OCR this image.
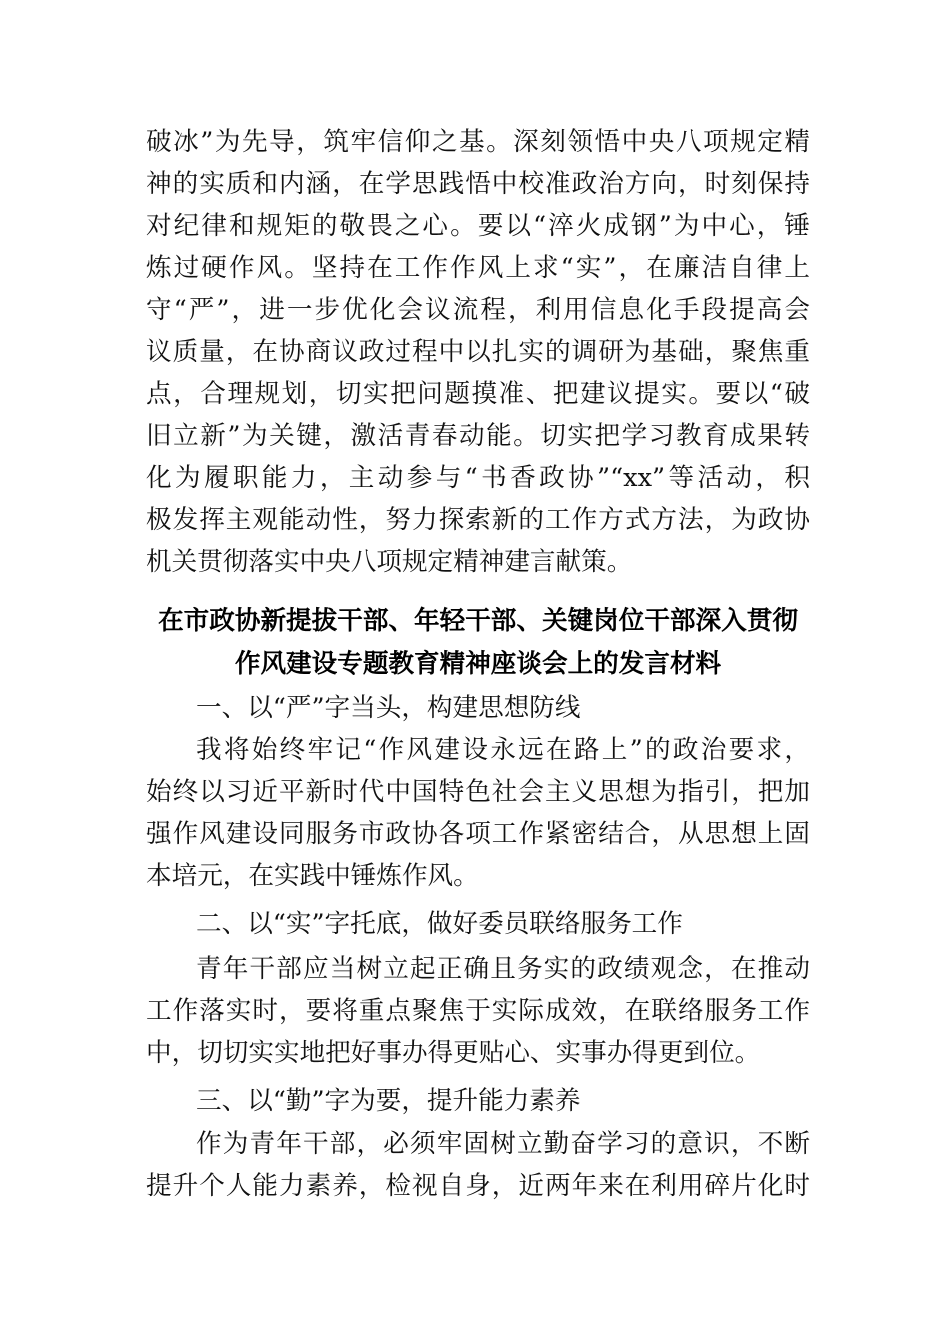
破冰”为先导，筑牢信仰之基。深刻领悟中央八项规定精
神的实质和内涵，在学思践悟中校准政治方向，时刻保持
对纪律和规矩的敬畏之心。要以“淬火成钢”为中心，锤
炼过硬作风。坚持在工作作风上求“实”，在廉洁自律上
守“严”，进一步优化会议流程，利用信息化手段提高会
议质量，在协商议政过程中以扎实的调研为基础，聚焦重
点，合理规划，切实把问题摸准、把建议提实。要以“破
旧立新”为关键，激活青春动能。切实把学习教育成果转
化为履职能力，主动参与“书香政协”“xx”等活动，积
极发挥主观能动性，努力探索新的工作方式方法，为政协
机关贯彻落实中央八项规定精神建言献策。
在市政协新提拔干部、年轻干部、关键岗位干部深入贯彻
作风建设专题教育精神座谈会上的发言材料
一、以“严”字当头，构建思想防线
我将始终牢记“作风建设永远在路上”的政治要求，
始终以习近平新时代中国特色社会主义思想为指引，把加
强作风建设同服务市政协各项工作紧密结合，从思想上固
本培元，在实践中锤炼作风。
二、以“实”字托底，做好委员联络服务工作
青年干部应当树立起正确且务实的政绩观念，在推动
工作落实时，要将重点聚焦于实际成效，在联络服务工作
中，切切实实地把好事办得更贴心、实事办得更到位。
三、以“勤”字为要，提升能力素养
作为青年干部，必须牢固树立勤奋学习的意识，不断
提升个人能力素养，检视自身，近两年来在利用碎片化时
